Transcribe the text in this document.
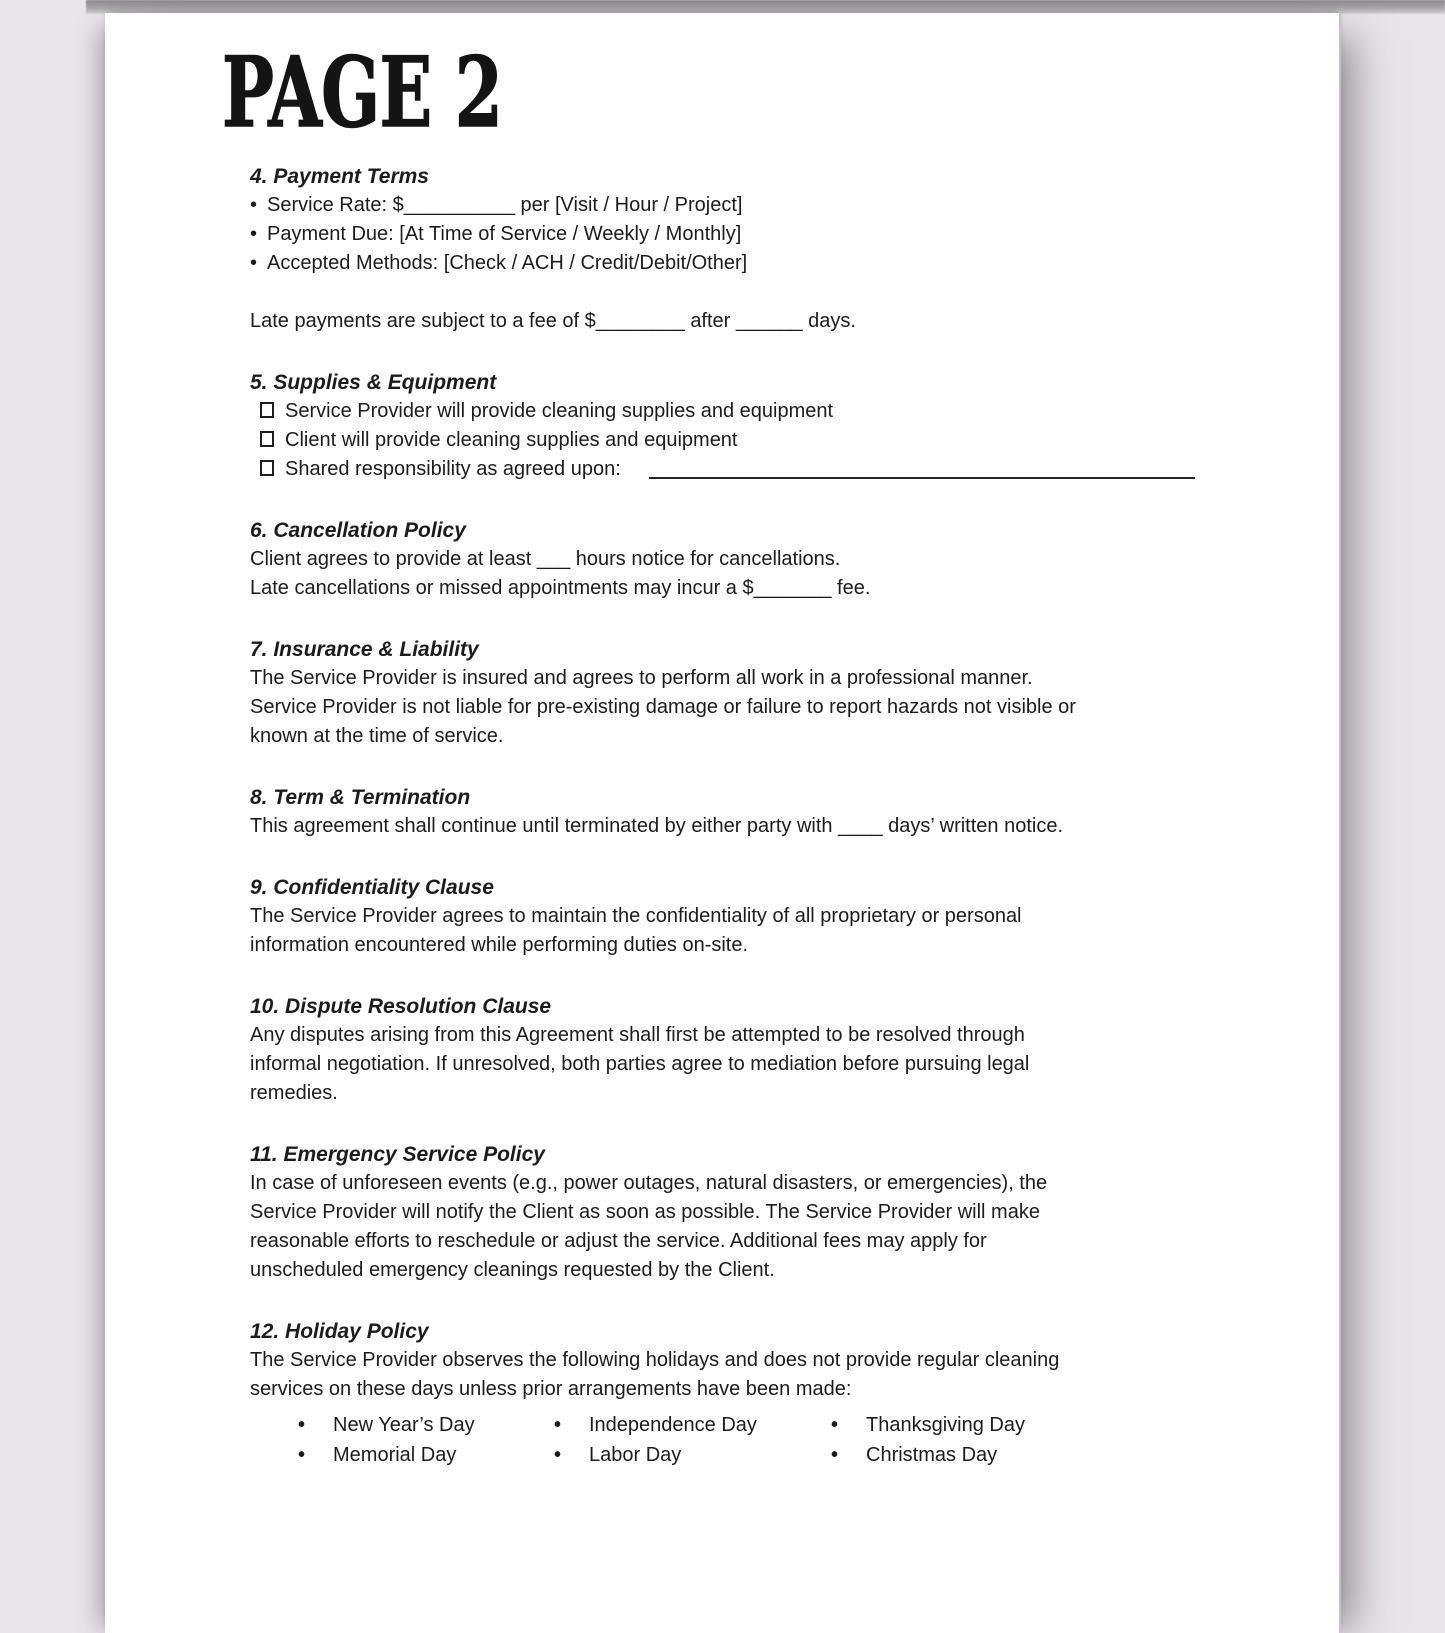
PAGE 2
4. Payment Terms
• Service Rate: $__________ per [Visit / Hour / Project]
• Payment Due: [At Time of Service / Weekly / Monthly]
• Accepted Methods: [Check / ACH / Credit/Debit/Other]
Late payments are subject to a fee of $________ after ______ days.
5. Supplies & Equipment
Service Provider will provide cleaning supplies and equipment
Client will provide cleaning supplies and equipment
Shared responsibility as agreed upon:
6. Cancellation Policy
Client agrees to provide at least ___ hours notice for cancellations.
Late cancellations or missed appointments may incur a $_______ fee.
7. Insurance & Liability
The Service Provider is insured and agrees to perform all work in a professional manner.
Service Provider is not liable for pre-existing damage or failure to report hazards not visible or
known at the time of service.
8. Term & Termination
This agreement shall continue until terminated by either party with ____ days’ written notice.
9. Confidentiality Clause
The Service Provider agrees to maintain the confidentiality of all proprietary or personal
information encountered while performing duties on-site.
10. Dispute Resolution Clause
Any disputes arising from this Agreement shall first be attempted to be resolved through
informal negotiation. If unresolved, both parties agree to mediation before pursuing legal
remedies.
11. Emergency Service Policy
In case of unforeseen events (e.g., power outages, natural disasters, or emergencies), the
Service Provider will notify the Client as soon as possible. The Service Provider will make
reasonable efforts to reschedule or adjust the service. Additional fees may apply for
unscheduled emergency cleanings requested by the Client.
12. Holiday Policy
The Service Provider observes the following holidays and does not provide regular cleaning
services on these days unless prior arrangements have been made:
• New Year’s Day
• Memorial Day
• Independence Day
• Labor Day
• Thanksgiving Day
• Christmas Day
